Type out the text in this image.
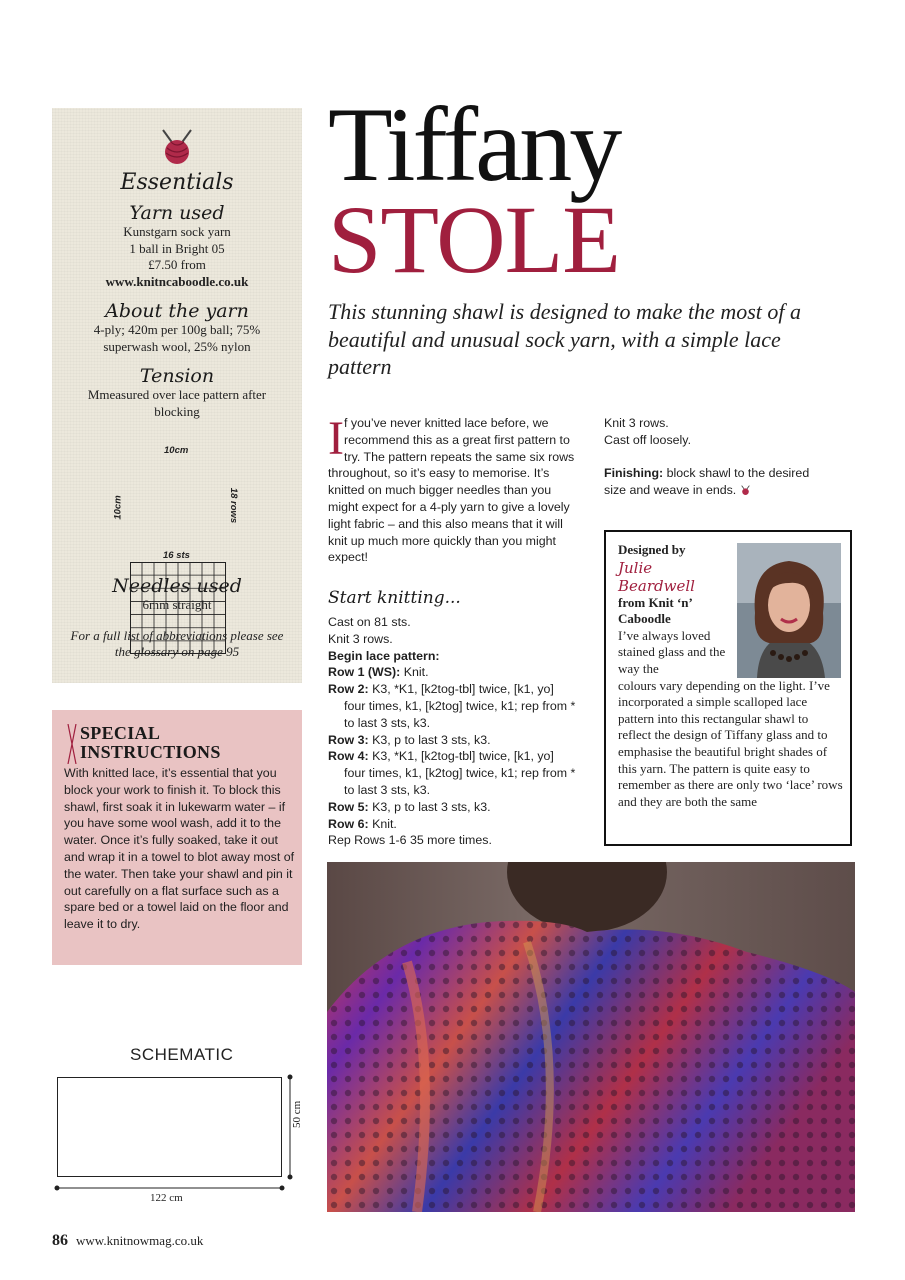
Essentials
Yarn used
Kunstgarn sock yarn
1 ball in Bright 05
£7.50 from
www.knitncaboodle.co.uk
About the yarn
4-ply; 420m per 100g ball; 75% superwash wool, 25% nylon
Tension
Mmeasured over lace pattern after blocking
10cm
10cm	18 rows
16 sts
Needles used
6mm straight
For a full list of abbreviations please see the glossary on page 95
SPECIAL
INSTRUCTIONS

With knitted lace, it’s essential that you block your work to finish it. To block this shawl, first soak it in lukewarm water – if you have some wool wash, add it to the water. Once it’s fully soaked, take it out and wrap it in a towel to blot away most of the water. Then take your shawl and pin it out carefully on a flat surface such as a spare bed or a towel laid on the floor and leave it to dry.

Tiffany
STOLE
This stunning shawl is designed to make the most of a beautiful and unusual sock yarn, with a simple lace pattern
I f you’ve never knitted lace before, we recommend this as a great first pattern to try. The pattern repeats the same six rows throughout, so it’s easy to memorise. It’s knitted on much bigger needles than you might expect for a 4-ply yarn to give a lovely light fabric – and this also means that it will knit up much more quickly than you might expect!
Start knitting...

Cast on 81 sts.

Knit 3 rows.

Begin lace pattern:

Row 1 (WS): Knit.

Row 2: K3, *K1, [k2tog-tbl] twice, [k1, yo] four times, k1, [k2tog] twice, k1; rep from * to last 3 sts, k3.

Row 3: K3, p to last 3 sts, k3.

Row 4: K3, *K1, [k2tog-tbl] twice, [k1, yo] four times, k1, [k2tog] twice, k1; rep from * to last 3 sts, k3.

Row 5: K3, p to last 3 sts, k3.

Row 6: Knit.

Rep Rows 1-6 35 more times.

Knit 3 rows.
Cast off loosely.
Finishing: block shawl to the desired size and weave in ends.
Designed by
Julie
Beardwell
from Knit ‘n’ Caboodle
I’ve always loved stained glass and the way the
colours vary depending on the light. I’ve incorporated a simple scalloped lace pattern into this rectangular shawl to reflect the design of Tiffany glass and to emphasise the beautiful bright shades of this yarn. The pattern is quite easy to remember as there are only two ‘lace’ rows and they are both the same
SCHEMATIC
50 cm
122 cm
86 www.knitnowmag.co.uk
